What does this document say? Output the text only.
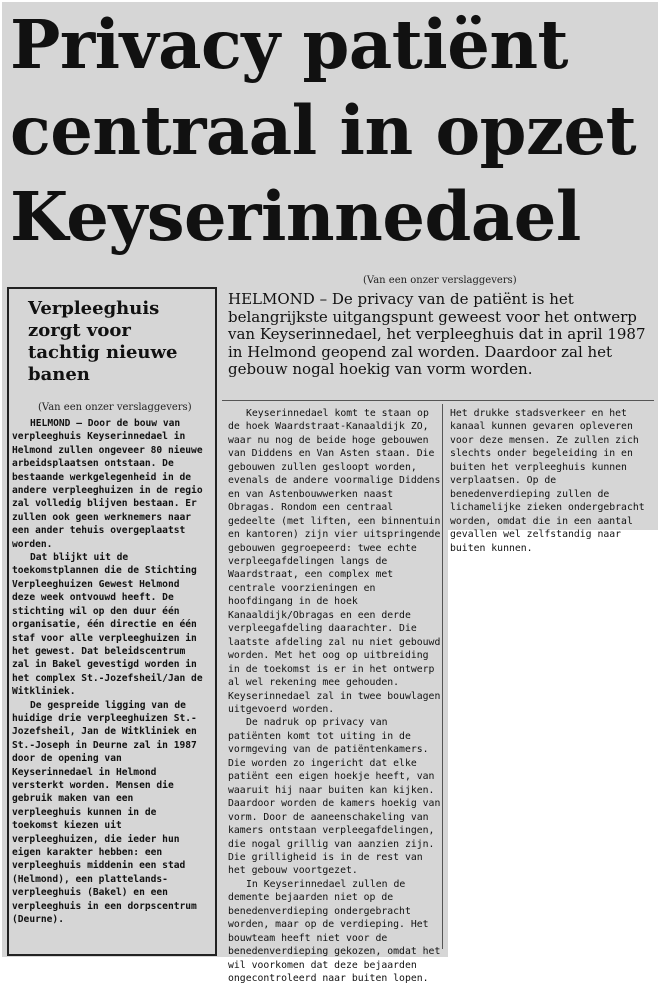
Privacy patiënt centraal in opzet Keyserinnedael
(Van een onzer verslaggevers)
Verpleeghuis zorgt voor tachtig nieuwe banen
(Van een onzer verslaggevers)

HELMOND – Door de bouw van verpleeghuis Keyserinnedael in Helmond zullen ongeveer 80 nieuwe arbeidsplaatsen ontstaan. De bestaande werkgelegenheid in de andere verpleeghuizen in de regio zal volledig blijven bestaan. Er zullen ook geen werknemers naar een ander tehuis overgeplaatst worden.

Dat blijkt uit de toekomstplannen die de Stichting Verpleeghuizen Gewest Helmond deze week ontvouwd heeft. De stichting wil op den duur één organisatie, één directie en één staf voor alle verpleeghuizen in het gewest. Dat beleidscentrum zal in Bakel gevestigd worden in het complex St.-Jozefsheil/Jan de Witkliniek.

De gespreide ligging van de huidige drie verpleeghuizen St.-Jozefsheil, Jan de Witkliniek en St.-Joseph in Deurne zal in 1987 door de opening van Keyserinnedael in Helmond versterkt worden. Mensen die gebruik maken van een verpleeghuis kunnen in de toekomst kiezen uit verpleeghuizen, die ieder hun eigen karakter hebben: een verpleeghuis middenin een stad (Helmond), een plattelands-verpleeghuis (Bakel) en een verpleeghuis in een dorpscentrum (Deurne).

HELMOND – De privacy van de patiënt is het belangrijkste uitgangspunt geweest voor het ontwerp van Keyserinnedael, het verpleeghuis dat in april 1987 in Helmond geopend zal worden. Daardoor zal het gebouw nogal hoekig van vorm worden.

Keyserinnedael komt te staan op de hoek Waardstraat-Kanaaldijk ZO, waar nu nog de beide hoge gebouwen van Diddens en Van Asten staan. Die gebouwen zullen gesloopt worden, evenals de andere voormalige Diddens en van Astenbouwwerken naast Obragas. Rondom een centraal gedeelte (met liften, een binnentuin en kantoren) zijn vier uitspringende gebouwen gegroepeerd: twee echte verpleegafdelingen langs de Waardstraat, een complex met centrale voorzieningen en hoofdingang in de hoek Kanaaldijk/Obragas en een derde verpleegafdeling daarachter. Die laatste afdeling zal nu niet gebouwd worden. Met het oog op uitbreiding in de toekomst is er in het ontwerp al wel rekening mee gehouden. Keyserinnedael zal in twee bouwlagen uitgevoerd worden.

De nadruk op privacy van patiënten komt tot uiting in de vormgeving van de patiëntenkamers. Die worden zo ingericht dat elke patiënt een eigen hoekje heeft, van waaruit hij naar buiten kan kijken. Daardoor worden de kamers hoekig van vorm. Door de aaneenschakeling van kamers ontstaan verpleegafdelingen, die nogal grillig van aanzien zijn. Die grilligheid is in de rest van het gebouw voortgezet.

In Keyserinnedael zullen de demente bejaarden niet op de benedenverdieping ondergebracht worden, maar op de verdieping. Het bouwteam heeft niet voor de benedenverdieping gekozen, omdat het wil voorkomen dat deze bejaarden ongecontroleerd naar buiten lopen.

Het drukke stadsverkeer en het kanaal kunnen gevaren opleveren voor deze mensen. Ze zullen zich slechts onder begeleiding in en buiten het verpleeghuis kunnen verplaatsen. Op de benedenverdieping zullen de lichamelijke zieken ondergebracht worden, omdat die in een aantal gevallen wel zelfstandig naar buiten kunnen.
